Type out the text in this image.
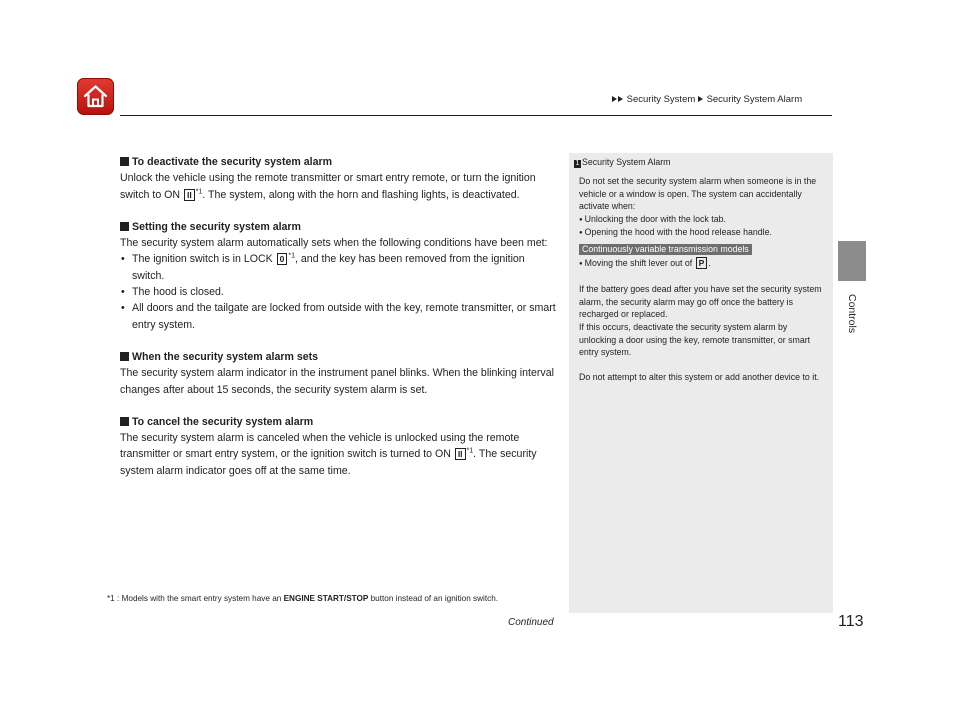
Security System Security System Alarm
Controls
To deactivate the security system alarm

Unlock the vehicle using the remote transmitter or smart entry remote, or turn the ignition switch to ON II $^{*1}$. The system, along with the horn and flashing lights, is deactivated.

Setting the security system alarm

The security system alarm automatically sets when the following conditions have been met:

• The ignition switch is in LOCK 0 $^{*1}$, and the key has been removed from the ignition switch.
• The hood is closed.
• All doors and the tailgate are locked from outside with the key, remote transmitter, or smart entry system.
When the security system alarm sets

The security system alarm indicator in the instrument panel blinks. When the blinking interval changes after about 15 seconds, the security system alarm is set.

To cancel the security system alarm

The security system alarm is canceled when the vehicle is unlocked using the remote transmitter or smart entry system, or the ignition switch is turned to ON II $^{*1}$. The security system alarm indicator goes off at the same time.

1 Security System Alarm

Do not set the security system alarm when someone is in the vehicle or a window is open. The system can accidentally activate when:

● Unlocking the door with the lock tab.

● Opening the hood with the hood release handle.

Continuously variable transmission models

● Moving the shift lever out of P .

If the battery goes dead after you have set the security system alarm, the security alarm may go off once the battery is recharged or replaced.

If this occurs, deactivate the security system alarm by unlocking a door using the key, remote transmitter, or smart entry system.

Do not attempt to alter this system or add another device to it.

*1 : Models with the smart entry system have an ENGINE START/STOP button instead of an ignition switch.
Continued	113
